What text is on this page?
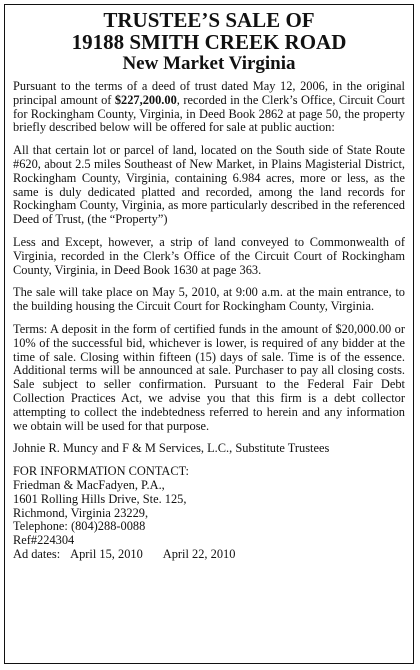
TRUSTEE’S SALE OF
19188 SMITH CREEK ROAD
New Market Virginia

Pursuant to the terms of a deed of trust dated May 12, 2006, in the original principal amount of $227,200.00, recorded in the Clerk’s Office, Circuit Court for Rockingham County, Virginia, in Deed Book 2862 at page 50, the property briefly described below will be offered for sale at public auction:

All that certain lot or parcel of land, located on the South side of State Route #620, about 2.5 miles Southeast of New Market, in Plains Magisterial District, Rockingham County, Virginia, containing 6.984 acres, more or less, as the same is duly dedicated platted and recorded, among the land records for Rockingham County, Virginia, as more particularly described in the referenced Deed of Trust, (the “Property”)

Less and Except, however, a strip of land conveyed to Commonwealth of Virginia, recorded in the Clerk’s Office of the Circuit Court of Rockingham County, Virginia, in Deed Book 1630 at page 363.

The sale will take place on May 5, 2010, at 9:00 a.m. at the main entrance, to the building housing the Circuit Court for Rockingham County, Virginia.

Terms: A deposit in the form of certified funds in the amount of $20,000.00 or 10% of the successful bid, whichever is lower, is required of any bidder at the time of sale. Closing within fifteen (15) days of sale. Time is of the essence. Additional terms will be announced at sale. Purchaser to pay all closing costs. Sale subject to seller confirmation. Pursuant to the Federal Fair Debt Collection Practices Act, we advise you that this firm is a debt collector attempting to collect the indebtedness referred to herein and any information we obtain will be used for that purpose.

Johnie R. Muncy and F & M Services, L.C., Substitute Trustees

FOR INFORMATION CONTACT:
Friedman & MacFadyen, P.A.,
1601 Rolling Hills Drive, Ste. 125,
Richmond, Virginia 23229,
Telephone: (804)288-0088
Ref#224304
Ad dates: April 15, 2010 April 22, 2010
